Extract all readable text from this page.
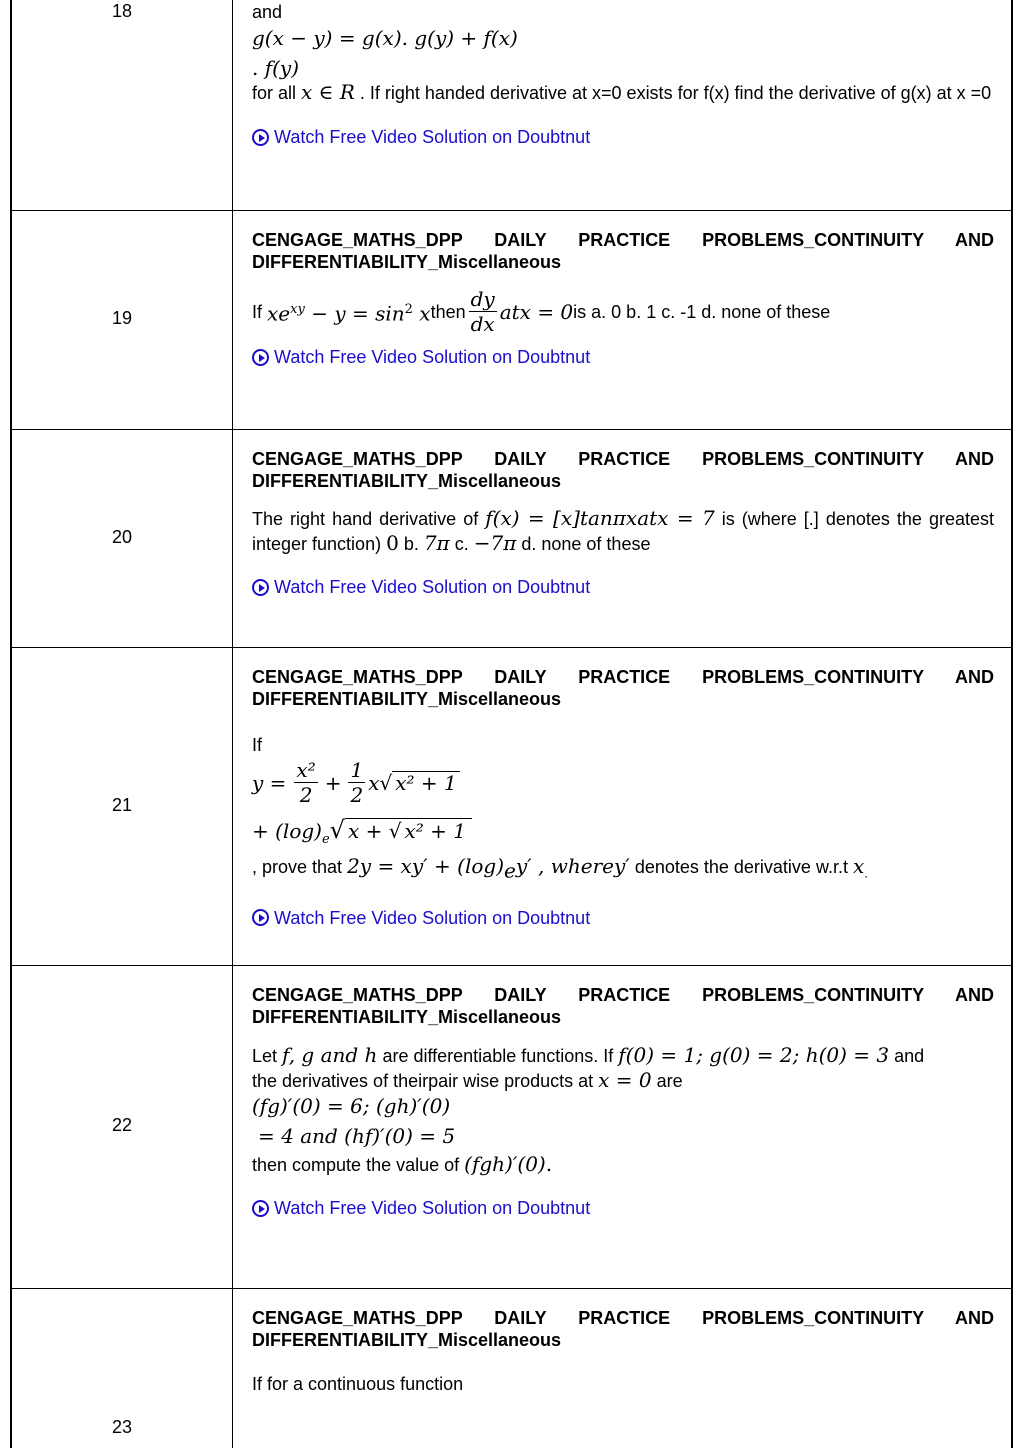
18	and
g(x − y) = g(x). g(y) + f(x)
. f(y)
for all x ∈ R . If right handed derivative at x=0 exists for f(x) find the derivative of g(x) at x =0
Watch Free Video Solution on Doubtnut
19
CENGAGE_MATHS_DPP DAILY PRACTICE PROBLEMS_CONTINUITY AND DIFFERENTIABILITY_Miscellaneous
If
$xe^{xy} - y = \sin^2 x$ then $\frac{dy}{dx}$ atx = 0 is a. 0 b. 1 c. -1 d. none of these
Watch Free Video Solution on Doubtnut
20
CENGAGE_MATHS_DPP DAILY PRACTICE PROBLEMS_CONTINUITY AND DIFFERENTIABILITY_Miscellaneous
The right hand derivative of f(x) = [x]tanπxatx = 7 is (where [.] denotes the greatest integer function) 0 b. 7π c. −7π d. none of these
Watch Free Video Solution on Doubtnut
21
CENGAGE_MATHS_DPP DAILY PRACTICE PROBLEMS_CONTINUITY AND DIFFERENTIABILITY_Miscellaneous
If
$y = \frac{\text{x²}}{2} + \frac{1}{2}$ x √ x² + 1
+ $(\log)_e√$ x + √ x² + 1
, prove that $2y = xy' + (\log)_ey'$ , wherey′ denotes the derivative w.r.t $x_.$
Watch Free Video Solution on Doubtnut
22
CENGAGE_MATHS_DPP DAILY PRACTICE PROBLEMS_CONTINUITY AND DIFFERENTIABILITY_Miscellaneous
Let f, g and h are differentiable functions. If f(0) = 1; g(0) = 2; h(0) = 3 and
the derivatives of theirpair wise products at x = 0 are
(fg)′(0) = 6; (gh)′(0)
= 4 and (hf)′(0) = 5
then compute the value of (fgh)′(0).
Watch Free Video Solution on Doubtnut
23
CENGAGE_MATHS_DPP DAILY PRACTICE PROBLEMS_CONTINUITY AND DIFFERENTIABILITY_Miscellaneous
If for a continuous function
